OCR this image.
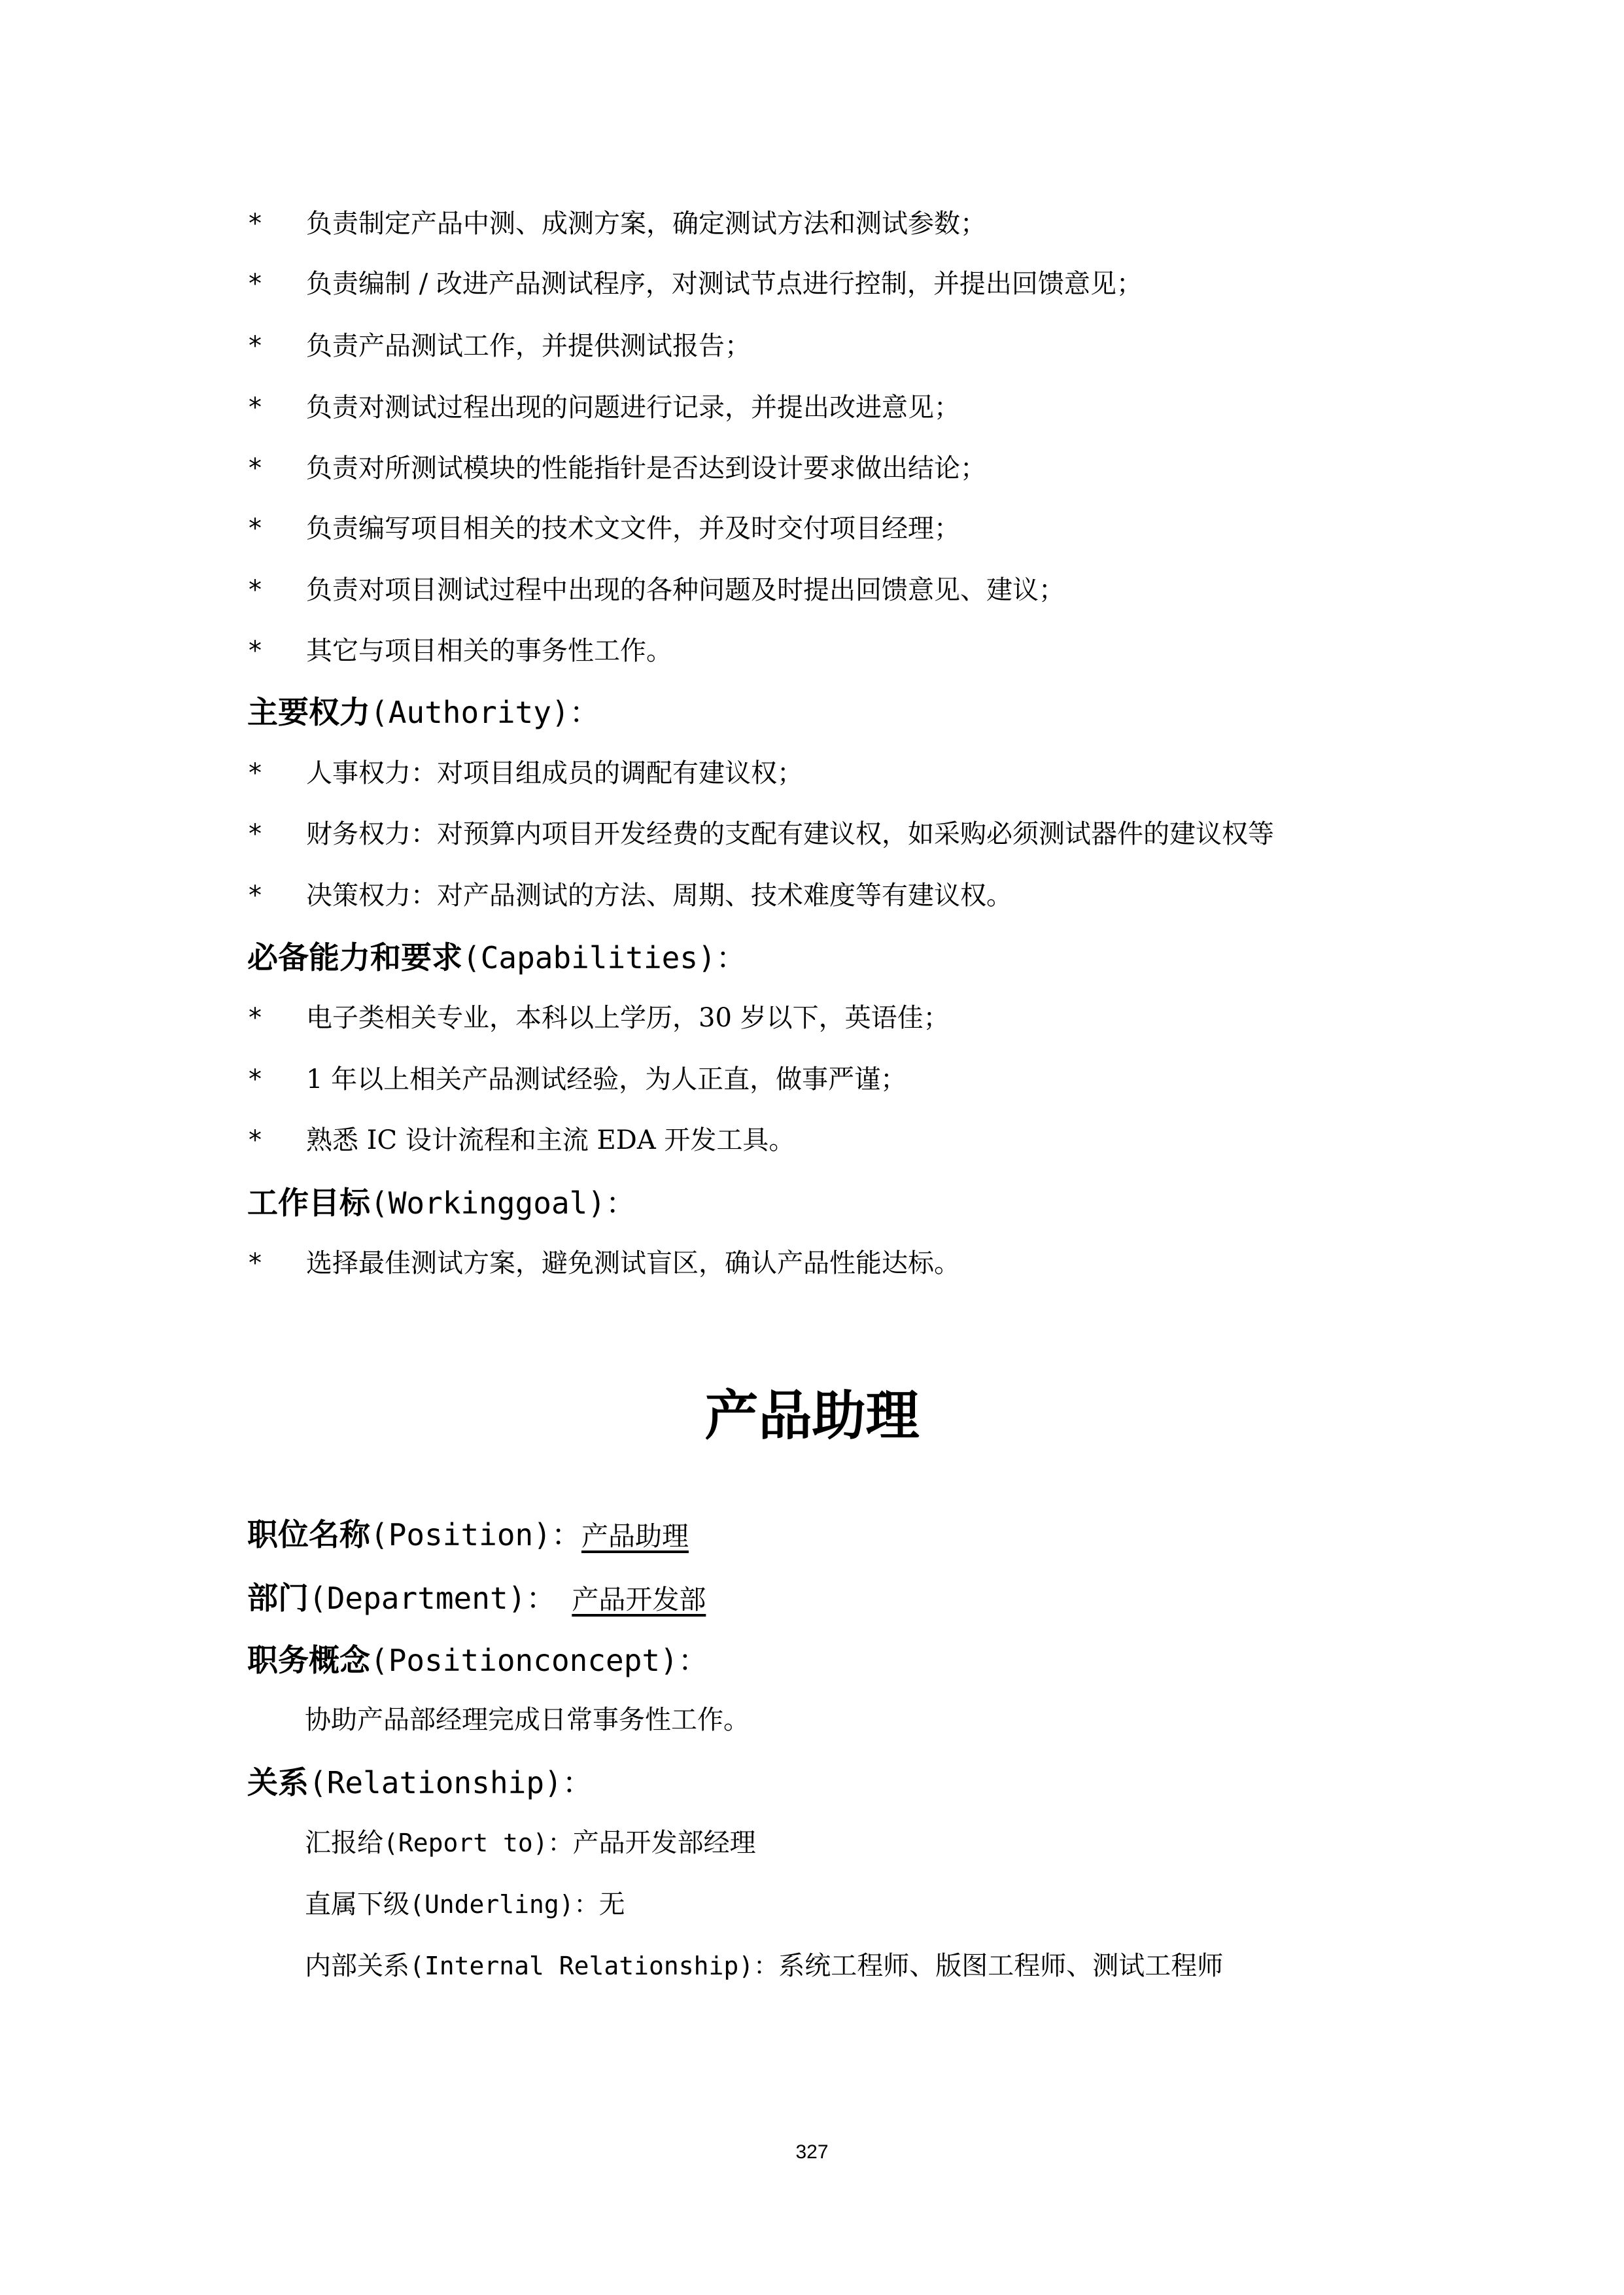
* 负责制定产品中测、成测方案，确定测试方法和测试参数；
* 负责编制 / 改进产品测试程序，对测试节点进行控制，并提出回馈意见；
* 负责产品测试工作，并提供测试报告；
* 负责对测试过程出现的问题进行记录，并提出改进意见；
* 负责对所测试模块的性能指针是否达到设计要求做出结论；
* 负责编写项目相关的技术文文件，并及时交付项目经理；
* 负责对项目测试过程中出现的各种问题及时提出回馈意见、建议；
* 其它与项目相关的事务性工作。
主要权力(Authority)：
* 人事权力：对项目组成员的调配有建议权；
* 财务权力：对预算内项目开发经费的支配有建议权，如采购必须测试器件的建议权等
* 决策权力：对产品测试的方法、周期、技术难度等有建议权。
必备能力和要求(Capabilities)：
* 电子类相关专业，本科以上学历，30 岁以下，英语佳；
* 1 年以上相关产品测试经验，为人正直，做事严谨；
* 熟悉 IC 设计流程和主流 EDA 开发工具。
工作目标(Workinggoal)：
* 选择最佳测试方案，避免测试盲区，确认产品性能达标。
产品助理
职位名称(Position)：产品助理
部门(Department)： 产品开发部
职务概念(Positionconcept)：
协助产品部经理完成日常事务性工作。
关系(Relationship)：
汇报给(Report to)：产品开发部经理
直属下级(Underling)：无
内部关系(Internal Relationship)：系统工程师、版图工程师、测试工程师
327
